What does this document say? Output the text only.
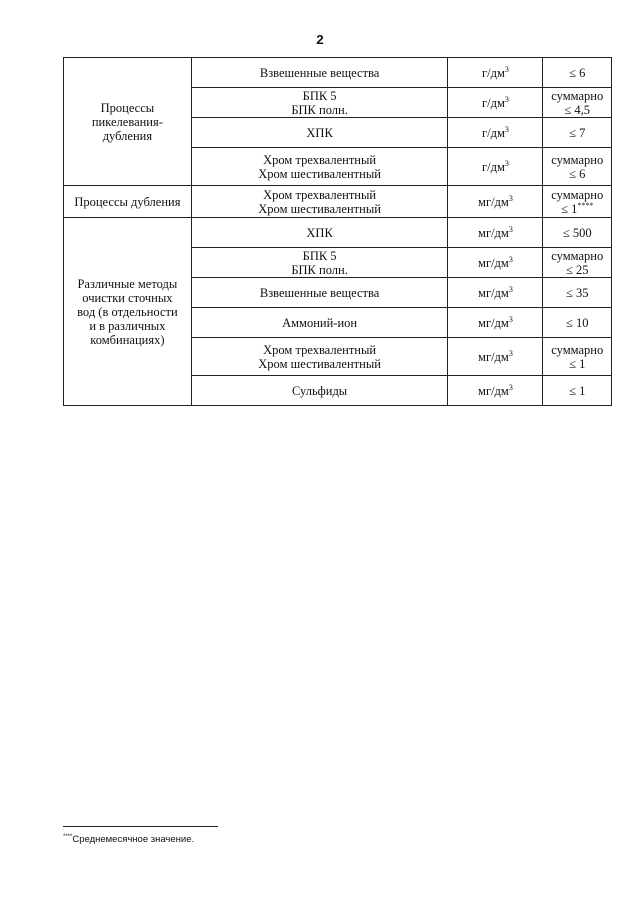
2
Процессы
пикелевания-
дубления	Взвешенные вещества	$г/дм^3$	≤ 6

	БПК 5
БПК полн.	$г/дм^3$	суммарно
≤ 4,5

	ХПК	$г/дм^3$	≤ 7

	Хром трехвалентный
Хром шестивалентный	$г/дм^3$	суммарно
≤ 6

Процессы дубления	Хром трехвалентный
Хром шестивалентный	$мг/дм^3$	суммарно
≤ 1****

Различные методы
очистки сточных
вод (в отдельности
и в различных
комбинациях)	ХПК	$мг/дм^3$	≤ 500

	БПК 5
БПК полн.	$мг/дм^3$	суммарно
≤ 25

	Взвешенные вещества	$мг/дм^3$	≤ 35

	Аммоний-ион	$мг/дм^3$	≤ 10

	Хром трехвалентный
Хром шестивалентный	$мг/дм^3$	суммарно
≤ 1

	Сульфиды	$мг/дм^3$	≤ 1
****Среднемесячное значение.
